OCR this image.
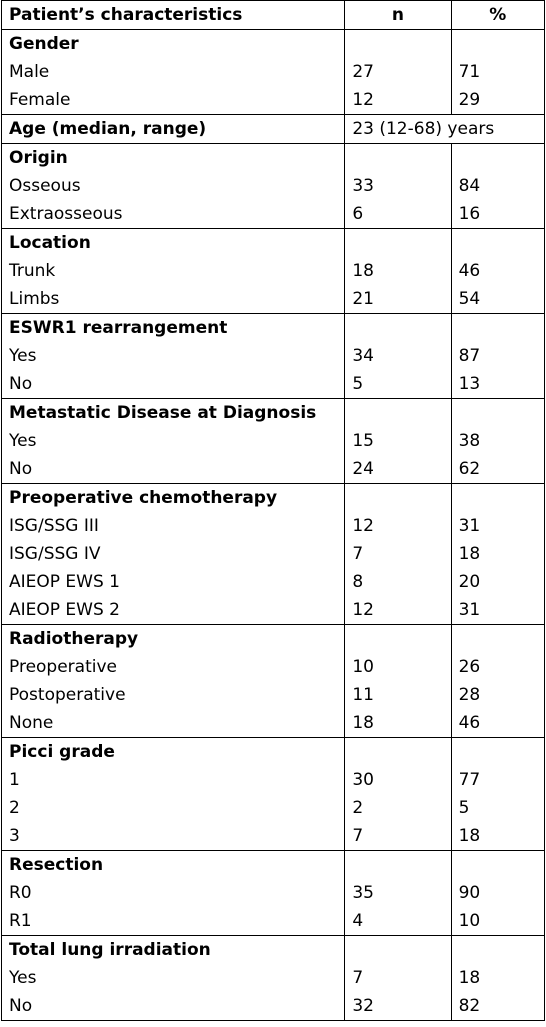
Patient’s characteristics	n	%
Gender		
Male	27	71
Female	12	29
Age (median, range)	23 (12-68) years	
Origin		
Osseous	33	84
Extraosseous	6	16
Location		
Trunk	18	46
Limbs	21	54
ESWR1 rearrangement		
Yes	34	87
No	5	13
Metastatic Disease at Diagnosis		
Yes	15	38
No	24	62
Preoperative chemotherapy		
ISG/SSG III	12	31
ISG/SSG IV	7	18
AIEOP EWS 1	8	20
AIEOP EWS 2	12	31
Radiotherapy		
Preoperative	10	26
Postoperative	11	28
None	18	46
Picci grade		
1	30	77
2	2	5
3	7	18
Resection		
R0	35	90
R1	4	10
Total lung irradiation		
Yes	7	18
No	32	82
